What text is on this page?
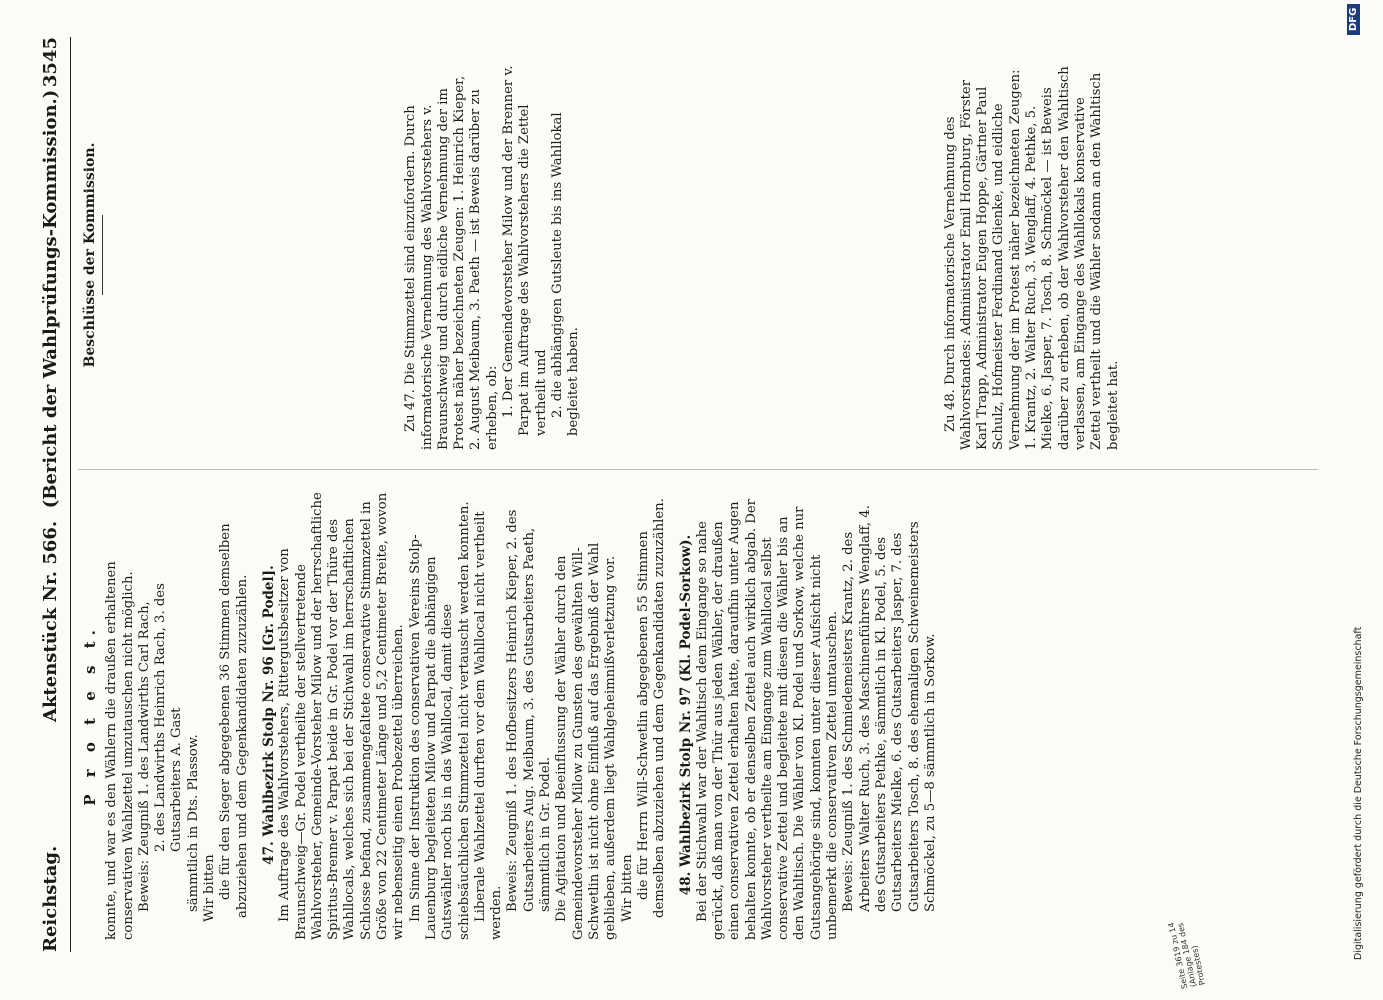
Reichstag.
Aktenstück Nr. 566.  (Bericht der Wahlprüfungs-Kommission.)
3545

P r o t e s t. konnte, und war es den Wählern die draußen erhaltenen conservativen Wahlzettel umzutauschen nicht möglich. Beweis: Zeugniß 1. des Landwirths Carl Rach, 2. des Landwirths Heinrich Rach, 3. des Gutsarbeiters A. Gast sämmtlich in Dts. Plassow. Wir bitten die für den Sieger abgegebenen 36 Stimmen demselben abzuziehen und dem Gegenkandidaten zuzuzählen. 47. Wahlbezirk Stolp Nr. 96 [Gr. Podel]. Im Auftrage des Wahlvorstehers, Rittergutsbesitzer von Braunschweig—Gr. Podel vertheilte der stellvertretende Wahlvorsteher, Gemeinde-Vorsteher Milow und der herrschaftliche Spiritus-Brenner v. Parpat beide in Gr. Podel vor der Thüre des Wahllocals, welches sich bei der Stichwahl im herrschaftlichen Schlosse befand, zusammengefaltete conservative Stimmzettel in Größe von 22 Centimeter Länge und 5,2 Centimeter Breite, wovon wir nebenseitig einen Probezettel überreichen. Im Sinne der Instruktion des conservativen Vereins Stolp-Lauenburg begleiteten Milow und Parpat die abhängigen Gutswähler noch bis in das Wahllocal, damit diese schiebsäuchlichen Stimmzettel nicht vertauscht werden konnten. Liberale Wahlzettel durften vor dem Wahllocal nicht vertheilt werden.

Beweis: Zeugniß 1. des Hofbesitzers Heinrich Kieper, 2. des Gutsarbeiters Aug. Meibaum, 3. des Gutsarbeiters Paeth, sämmtlich in Gr. Podel. Die Agitation und Beeinflussung der Wähler durch den Gemeindevorsteher Milow zu Gunsten des gewählten Will-Schwetlin ist nicht ohne Einfluß auf das Ergebniß der Wahl geblieben, außerdem liegt Wahlgeheimnißverletzung vor. Wir bitten die für Herrn Will-Schwetlin abgegebenen 55 Stimmen demselben abzuziehen und dem Gegenkandidaten zuzuzählen. 48. Wahlbezirk Stolp Nr. 97 (Kl. Podel-Sorkow). Bei der Stichwahl war der Wahltisch dem Eingange so nahe gerückt, daß man von der Thür aus jeden Wähler, der draußen einen conservativen Zettel erhalten hatte, daraufhin unter Augen behalten konnte, ob er denselben Zettel auch wirklich abgab. Der Wahlvorsteher vertheilte am Eingange zum Wahllocal selbst conservative Zettel und begleitete mit diesen die Wähler bis an den Wahltisch. Die Wähler von Kl. Podel und Sorkow, welche nur Gutsangehörige sind, konnten unter dieser Aufsicht nicht unbemerkt die conservativen Zettel umtauschen. Beweis: Zeugniß 1. des Schmiedemeisters Krantz, 2. des Arbeiters Walter Ruch, 3. des Maschinenführers Wenglaff, 4. des Gutsarbeiters Pethke, sämmtlich in Kl. Podel, 5. des Gutsarbeiters Mielke, 6. des Gutsarbeiters Jasper, 7. des Gutsarbeiters Tosch, 8. des ehemaligen Schweinemeisters Schmöckel, zu 5—8 sämmtlich in Sorkow.

Beschlüsse der Kommission.	Zu 47. Die Stimmzettel sind einzufordern. Durch informatorische Vernehmung des Wahlvorstehers v. Braunschweig und durch eidliche Vernehmung der im Protest näher bezeichneten Zeugen: 1. Heinrich Kieper, 2. August Meibaum, 3. Paeth — ist Beweis darüber zu erheben, ob: 1. Der Gemeindevorsteher Milow und der Brenner v. Parpat im Auftrage des Wahlvorstehers die Zettel vertheilt und 2. die abhängigen Gutsleute bis ins Wahllokal begleitet haben.	Zu 48. Durch informatorische Vernehmung des Wahlvorstandes: Administrator Emil Hornburg, Förster Karl Trapp, Administrator Eugen Hoppe, Gärtner Paul Schulz, Hofmeister Ferdinand Glienke, und eidliche Vernehmung der im Protest näher bezeichneten Zeugen: 1. Krantz, 2. Walter Ruch, 3. Wenglaff, 4. Pethke, 5. Mielke, 6. Jasper, 7. Tosch, 8. Schmöckel — ist Beweis darüber zu erheben, ob der Wahlvorsteher den Wahltisch verlassen, am Eingange des Wahllokals konservative Zettel vertheilt und die Wähler sodann an den Wahltisch begleitet hat.

Seite 3619 zu 14 (Anlage 184 des Protestes)
Digitalisierung gefördert durch die Deutsche Forschungsgemeinschaft
DFG
